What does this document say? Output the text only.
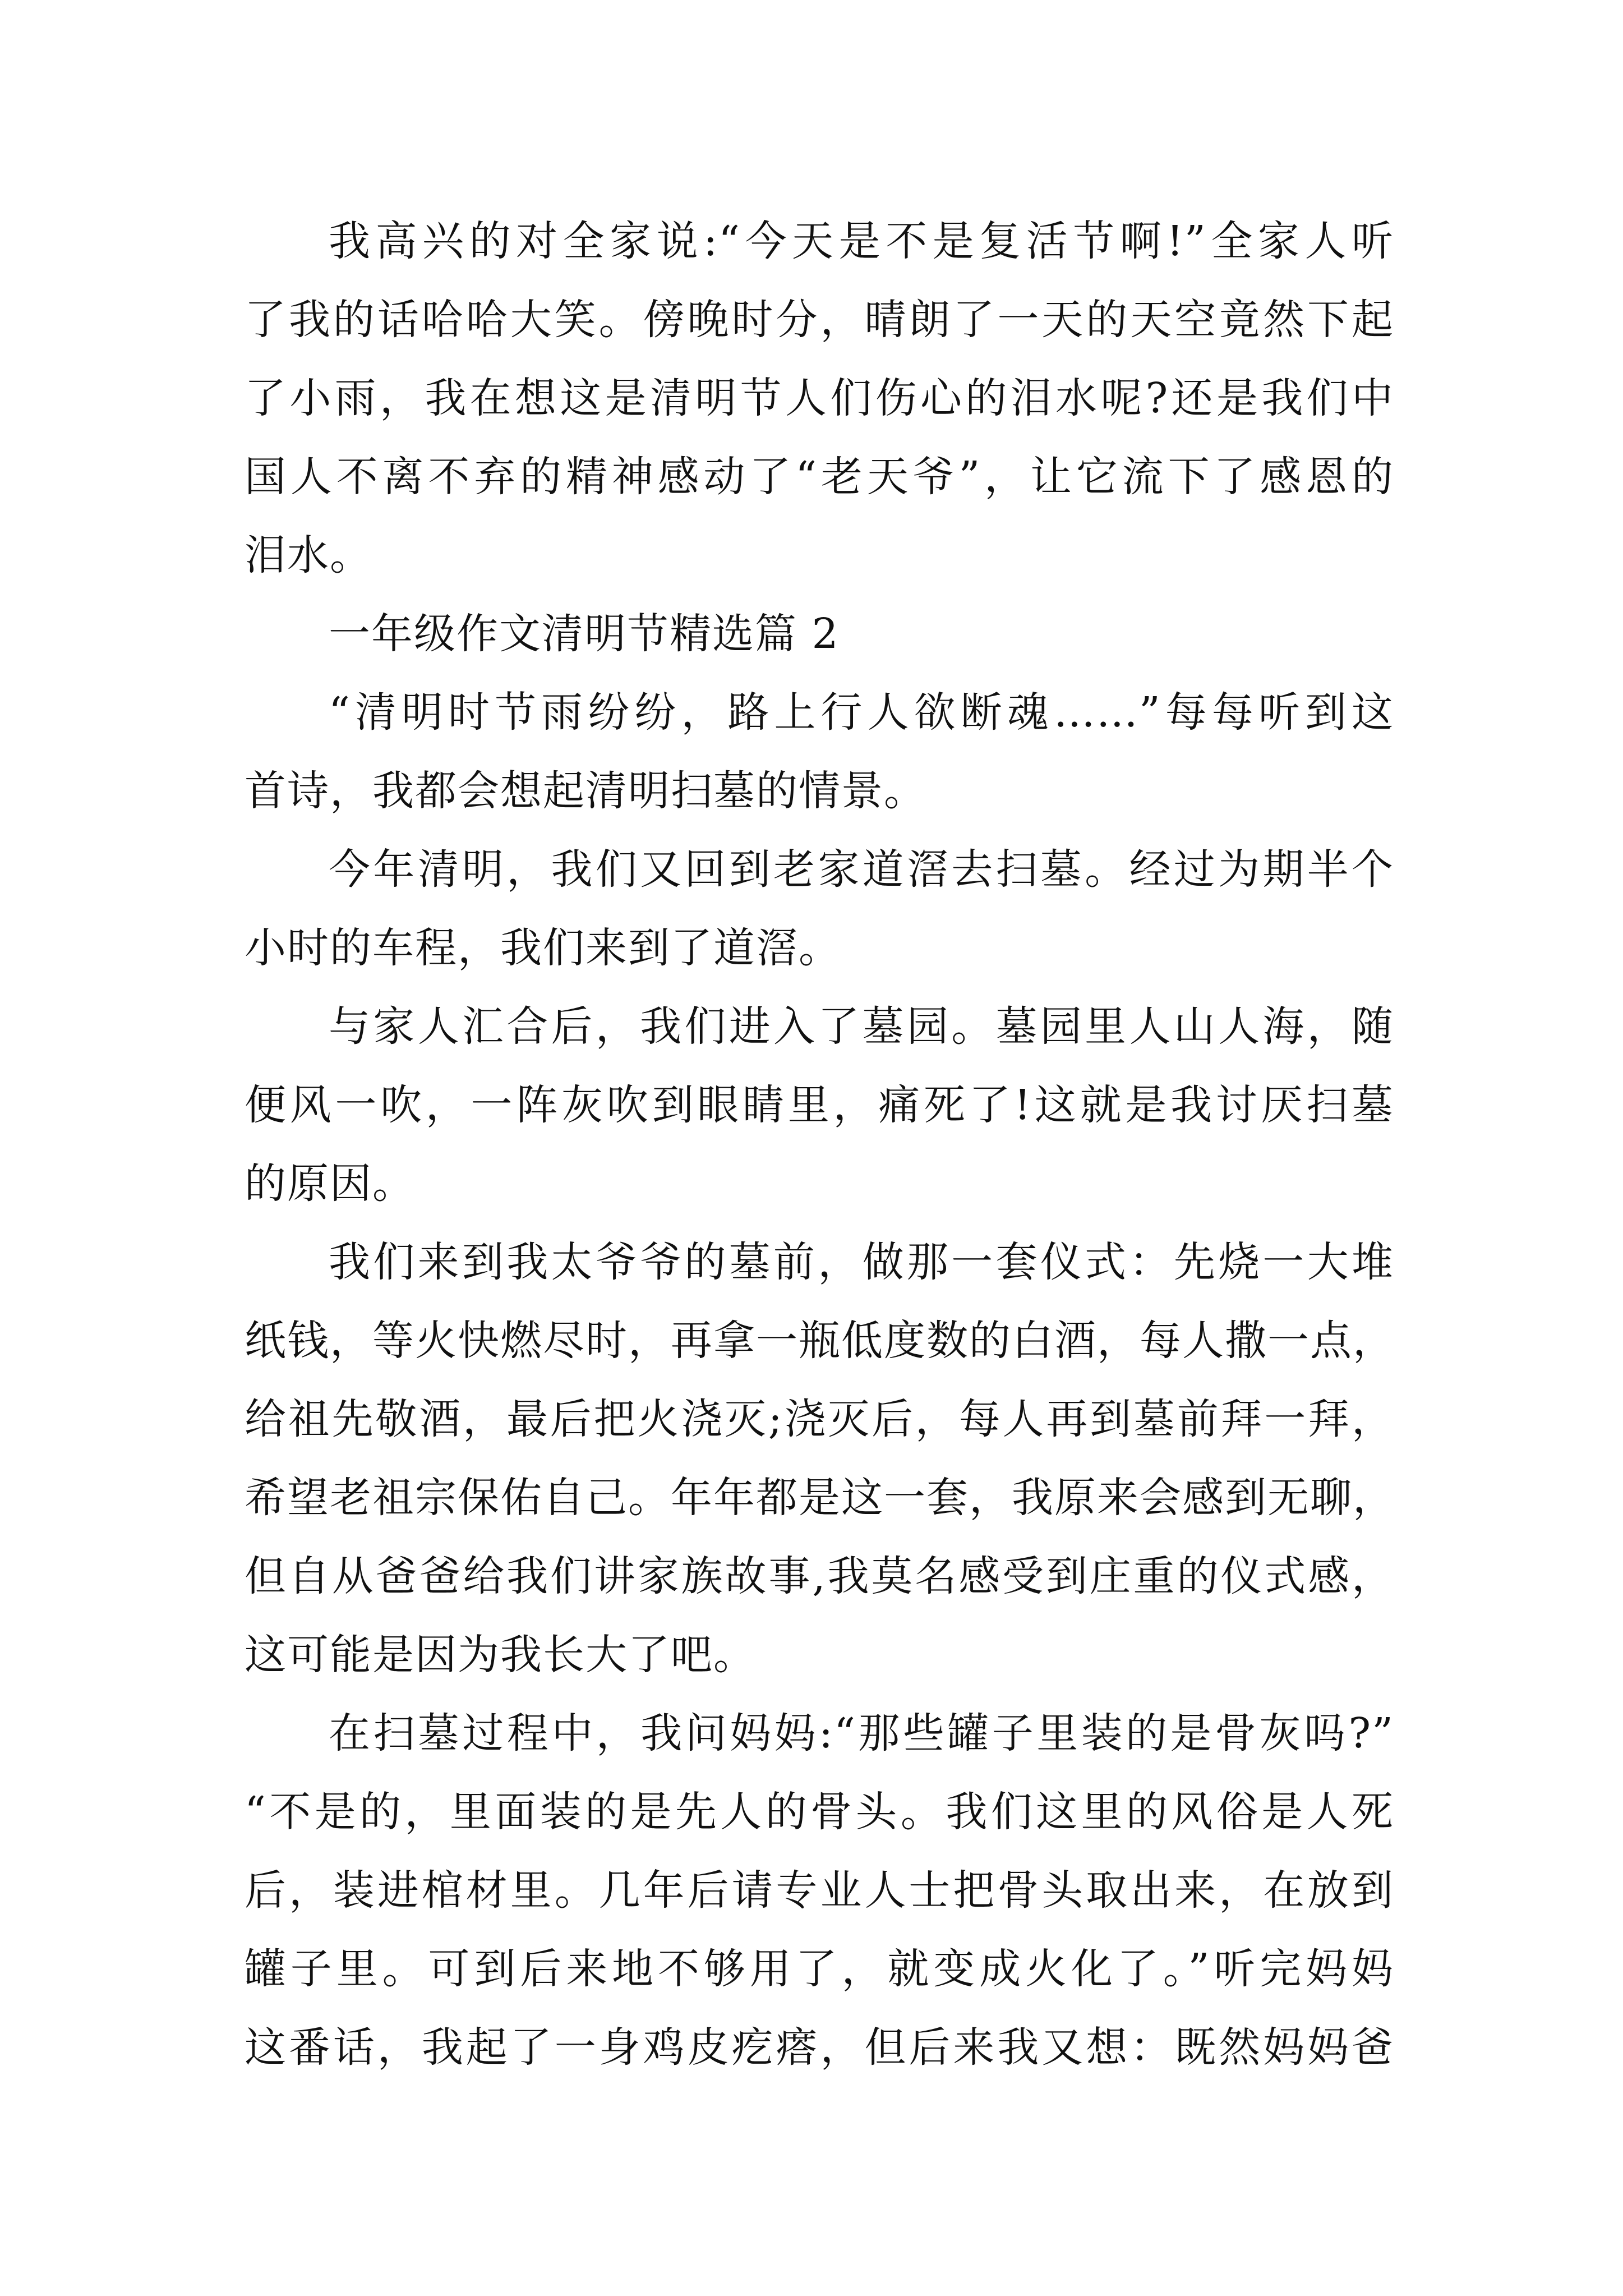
我高兴的对全家说:“今天是不是复活节啊!”全家人听
了我的话哈哈大笑。傍晚时分，晴朗了一天的天空竟然下起
了小雨，我在想这是清明节人们伤心的泪水呢?还是我们中
国人不离不弃的精神感动了“老天爷”，让它流下了感恩的
泪水。
一年级作文清明节精选篇 2
“清明时节雨纷纷，路上行人欲断魂……”每每听到这
首诗，我都会想起清明扫墓的情景。
今年清明，我们又回到老家道滘去扫墓。经过为期半个
小时的车程，我们来到了道滘。
与家人汇合后，我们进入了墓园。墓园里人山人海，随
便风一吹，一阵灰吹到眼睛里，痛死了!这就是我讨厌扫墓
的原因。
我们来到我太爷爷的墓前，做那一套仪式：先烧一大堆
纸钱，等火快燃尽时，再拿一瓶低度数的白酒，每人撒一点，
给祖先敬酒，最后把火浇灭;浇灭后，每人再到墓前拜一拜，
希望老祖宗保佑自己。年年都是这一套，我原来会感到无聊，
但自从爸爸给我们讲家族故事,我莫名感受到庄重的仪式感，
这可能是因为我长大了吧。
在扫墓过程中，我问妈妈:“那些罐子里装的是骨灰吗?”
“不是的，里面装的是先人的骨头。我们这里的风俗是人死
后，装进棺材里。几年后请专业人士把骨头取出来，在放到
罐子里。可到后来地不够用了，就变成火化了。”听完妈妈
这番话，我起了一身鸡皮疙瘩，但后来我又想：既然妈妈爸
